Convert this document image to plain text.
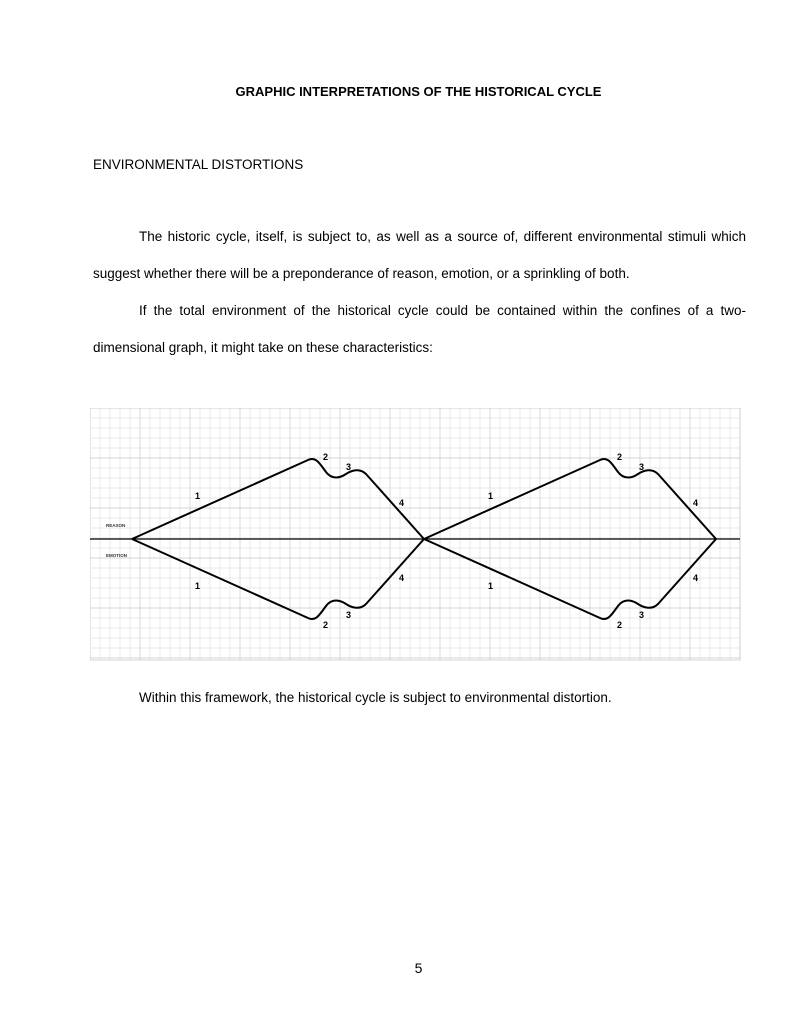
GRAPHIC INTERPRETATIONS OF THE HISTORICAL CYCLE
ENVIRONMENTAL DISTORTIONS

The historic cycle, itself, is subject to, as well as a source of, different environmental stimuli which suggest whether there will be a preponderance of reason, emotion, or a sprinkling of both.

If the total environment of the historical cycle could be contained within the confines of a two-dimensional graph, it might take on these characteristics:

REASON
EMOTION
1
2
3
4
1
2
3
4
1
2
3
4
1
2
3
4
Within this framework, the historical cycle is subject to environmental distortion.
5
